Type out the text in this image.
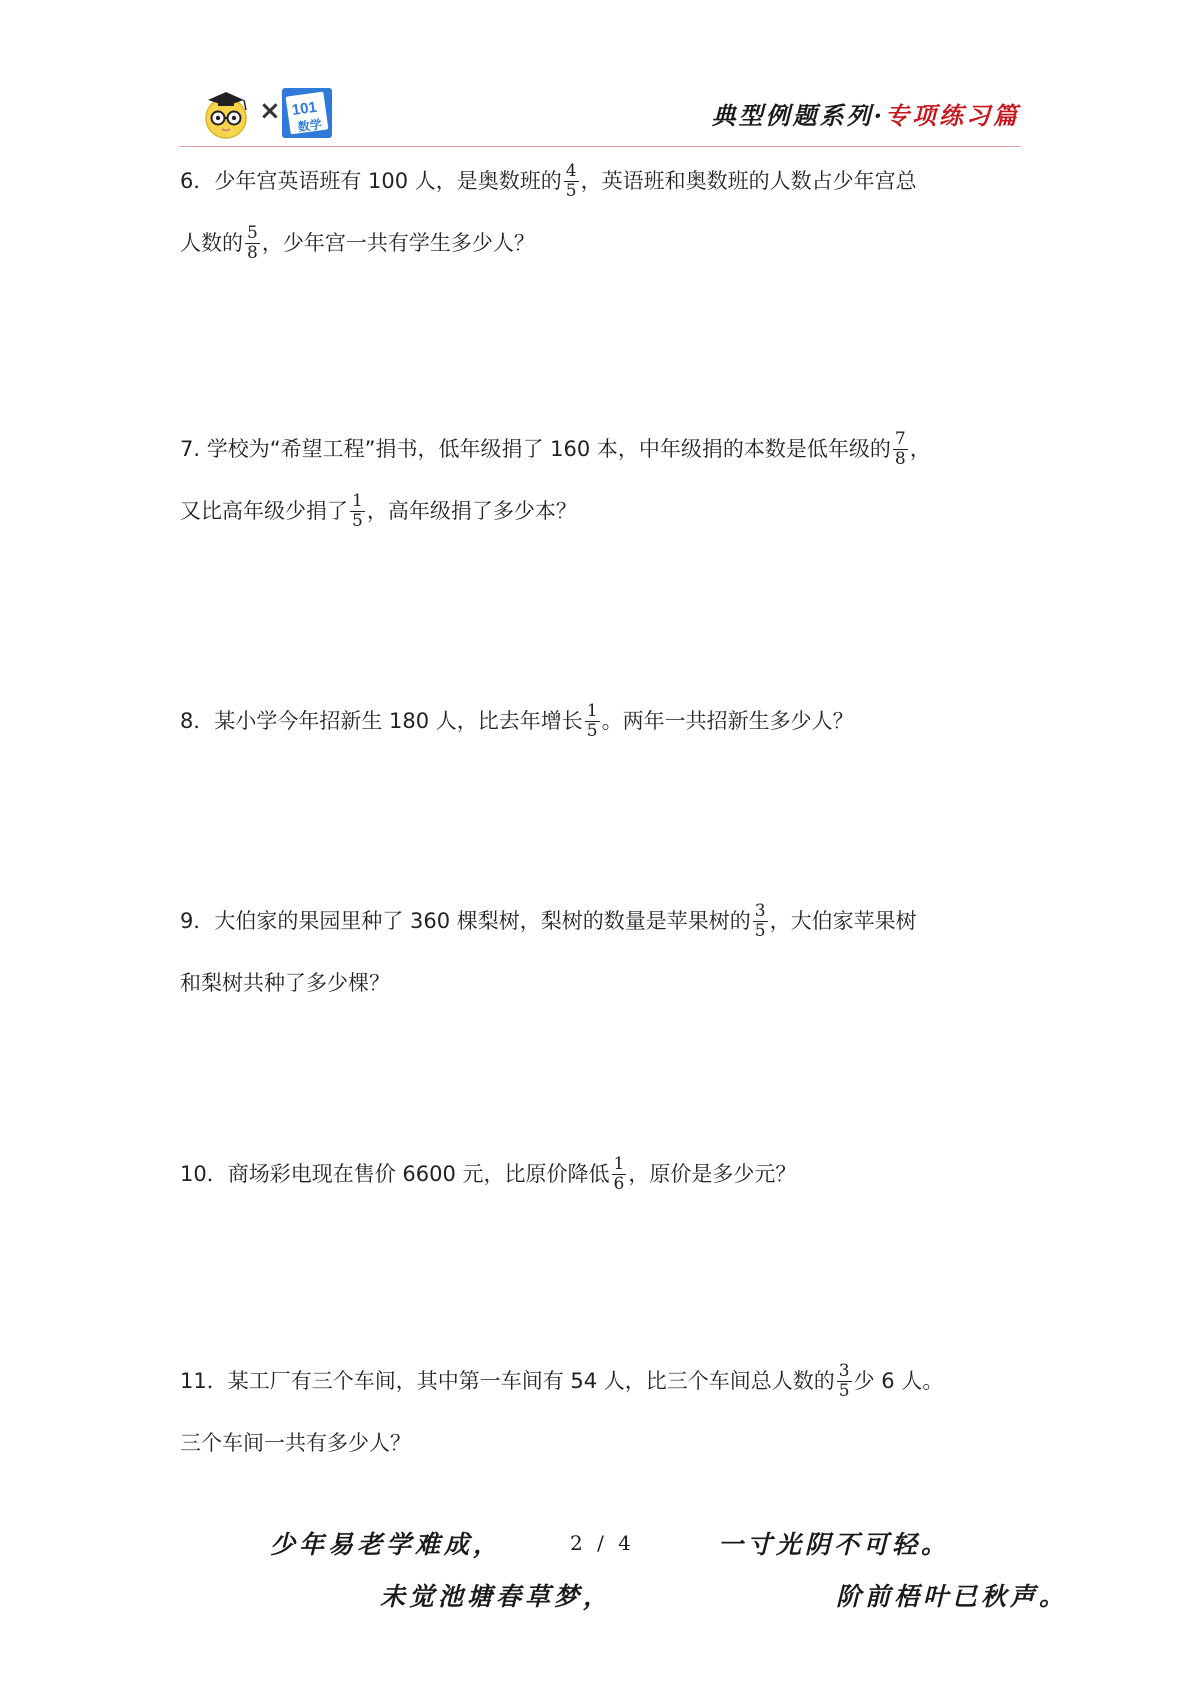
× 101
数学	典型例题系列·专项练习篇
6．少年宫英语班有 100 人，是奥数班的 $\frac{4}{5}$ ，英语班和奥数班的人数占少年宫总
人数的 $\frac{5}{8}$ ，少年宫一共有学生多少人？
7. 学校为“希望工程”捐书，低年级捐了 160 本，中年级捐的本数是低年级的 $\frac{7}{8}$ ，
又比高年级少捐了 $\frac{1}{5}$ ，高年级捐了多少本？
8．某小学今年招新生 180 人，比去年增长 $\frac{1}{5}$ 。两年一共招新生多少人？
9．大伯家的果园里种了 360 棵梨树，梨树的数量是苹果树的 $\frac{3}{5}$ ，大伯家苹果树
和梨树共种了多少棵？
10．商场彩电现在售价 6600 元，比原价降低 $\frac{1}{6}$ ，原价是多少元？
11．某工厂有三个车间，其中第一车间有 54 人，比三个车间总人数的 $\frac{3}{5}$ 少 6 人。
三个车间一共有多少人？
少年易老学难成，	2 / 4	一寸光阴不可轻。
未觉池塘春草梦，	阶前梧叶已秋声。
